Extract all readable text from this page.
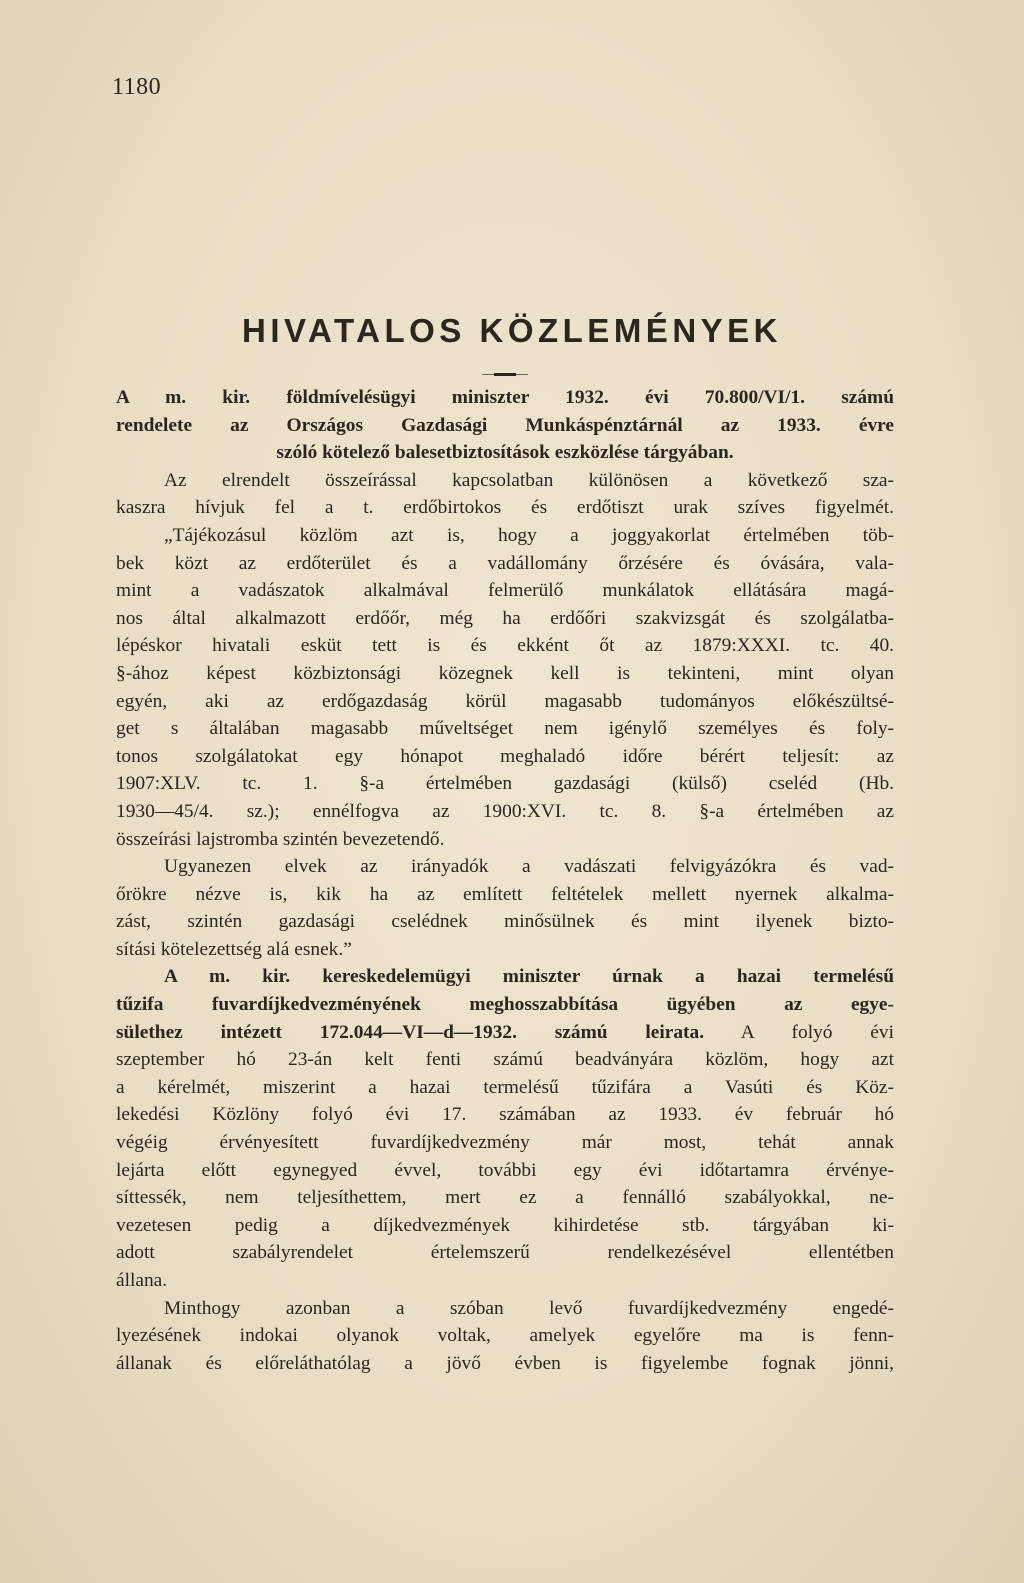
1180
HIVATALOS KÖZLEMÉNYEK
A m. kir. földmívelésügyi miniszter 1932. évi 70.800/VI/1. számú
rendelete az Országos Gazdasági Munkáspénztárnál az 1933. évre
szóló kötelező balesetbiztosítások eszközlése tárgyában.
Az elrendelt összeírással kapcsolatban különösen a következő sza-
kaszra hívjuk fel a t. erdőbirtokos és erdőtiszt urak szíves figyelmét.
„Tájékozásul közlöm azt is, hogy a joggyakorlat értelmében töb-
bek közt az erdőterület és a vadállomány őrzésére és óvására, vala-
mint a vadászatok alkalmával felmerülő munkálatok ellátására magá-
nos által alkalmazott erdőőr, még ha erdőőri szakvizsgát és szolgálatba-
lépéskor hivatali esküt tett is és ekként őt az 1879:XXXI. tc. 40.
§-ához képest közbiztonsági közegnek kell is tekinteni, mint olyan
egyén, aki az erdőgazdaság körül magasabb tudományos előkészültsé-
get s általában magasabb műveltséget nem igénylő személyes és foly-
tonos szolgálatokat egy hónapot meghaladó időre bérért teljesít: az
1907:XLV. tc. 1. §-a értelmében gazdasági (külső) cseléd (Hb.
1930—45/4. sz.); ennélfogva az 1900:XVI. tc. 8. §-a értelmében az
összeírási lajstromba szintén bevezetendő.
Ugyanezen elvek az irányadók a vadászati felvigyázókra és vad-
őrökre nézve is, kik ha az említett feltételek mellett nyernek alkalma-
zást, szintén gazdasági cselédnek minősülnek és mint ilyenek bizto-
sítási kötelezettség alá esnek.”
A m. kir. kereskedelemügyi miniszter úrnak a hazai termelésű
tűzifa fuvardíjkedvezményének meghosszabbítása ügyében az egye-
sülethez intézett 172.044—VI—d—1932. számú leirata. A folyó évi
szeptember hó 23-án kelt fenti számú beadványára közlöm, hogy azt
a kérelmét, miszerint a hazai termelésű tűzifára a Vasúti és Köz-
lekedési Közlöny folyó évi 17. számában az 1933. év február hó
végéig érvényesített fuvardíjkedvezmény már most, tehát annak
lejárta előtt egynegyed évvel, további egy évi időtartamra érvénye-
síttessék, nem teljesíthettem, mert ez a fennálló szabályokkal, ne-
vezetesen pedig a díjkedvezmények kihirdetése stb. tárgyában ki-
adott szabályrendelet értelemszerű rendelkezésével ellentétben
állana.
Minthogy azonban a szóban levő fuvardíjkedvezmény engedé-
lyezésének indokai olyanok voltak, amelyek egyelőre ma is fenn-
állanak és előreláthatólag a jövő évben is figyelembe fognak jönni,
